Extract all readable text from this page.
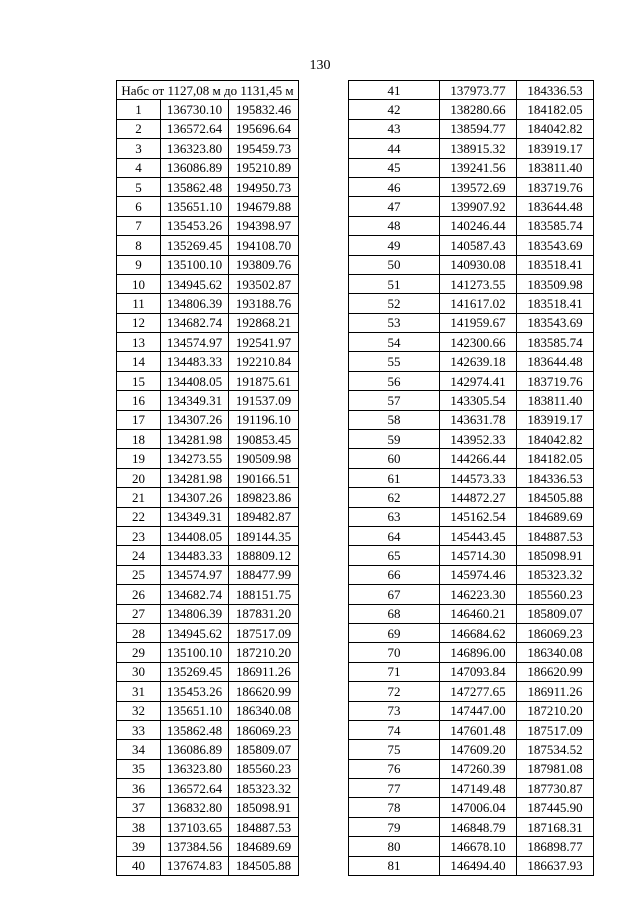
130
Набс от 1127,08 м до 1131,45 м		
1	136730.10	195832.46
2	136572.64	195696.64
3	136323.80	195459.73
4	136086.89	195210.89
5	135862.48	194950.73
6	135651.10	194679.88
7	135453.26	194398.97
8	135269.45	194108.70
9	135100.10	193809.76
10	134945.62	193502.87
11	134806.39	193188.76
12	134682.74	192868.21
13	134574.97	192541.97
14	134483.33	192210.84
15	134408.05	191875.61
16	134349.31	191537.09
17	134307.26	191196.10
18	134281.98	190853.45
19	134273.55	190509.98
20	134281.98	190166.51
21	134307.26	189823.86
22	134349.31	189482.87
23	134408.05	189144.35
24	134483.33	188809.12
25	134574.97	188477.99
26	134682.74	188151.75
27	134806.39	187831.20
28	134945.62	187517.09
29	135100.10	187210.20
30	135269.45	186911.26
31	135453.26	186620.99
32	135651.10	186340.08
33	135862.48	186069.23
34	136086.89	185809.07
35	136323.80	185560.23
36	136572.64	185323.32
37	136832.80	185098.91
38	137103.65	184887.53
39	137384.56	184689.69
40	137674.83	184505.88
41	137973.77	184336.53
42	138280.66	184182.05
43	138594.77	184042.82
44	138915.32	183919.17
45	139241.56	183811.40
46	139572.69	183719.76
47	139907.92	183644.48
48	140246.44	183585.74
49	140587.43	183543.69
50	140930.08	183518.41
51	141273.55	183509.98
52	141617.02	183518.41
53	141959.67	183543.69
54	142300.66	183585.74
55	142639.18	183644.48
56	142974.41	183719.76
57	143305.54	183811.40
58	143631.78	183919.17
59	143952.33	184042.82
60	144266.44	184182.05
61	144573.33	184336.53
62	144872.27	184505.88
63	145162.54	184689.69
64	145443.45	184887.53
65	145714.30	185098.91
66	145974.46	185323.32
67	146223.30	185560.23
68	146460.21	185809.07
69	146684.62	186069.23
70	146896.00	186340.08
71	147093.84	186620.99
72	147277.65	186911.26
73	147447.00	187210.20
74	147601.48	187517.09
75	147609.20	187534.52
76	147260.39	187981.08
77	147149.48	187730.87
78	147006.04	187445.90
79	146848.79	187168.31
80	146678.10	186898.77
81	146494.40	186637.93
